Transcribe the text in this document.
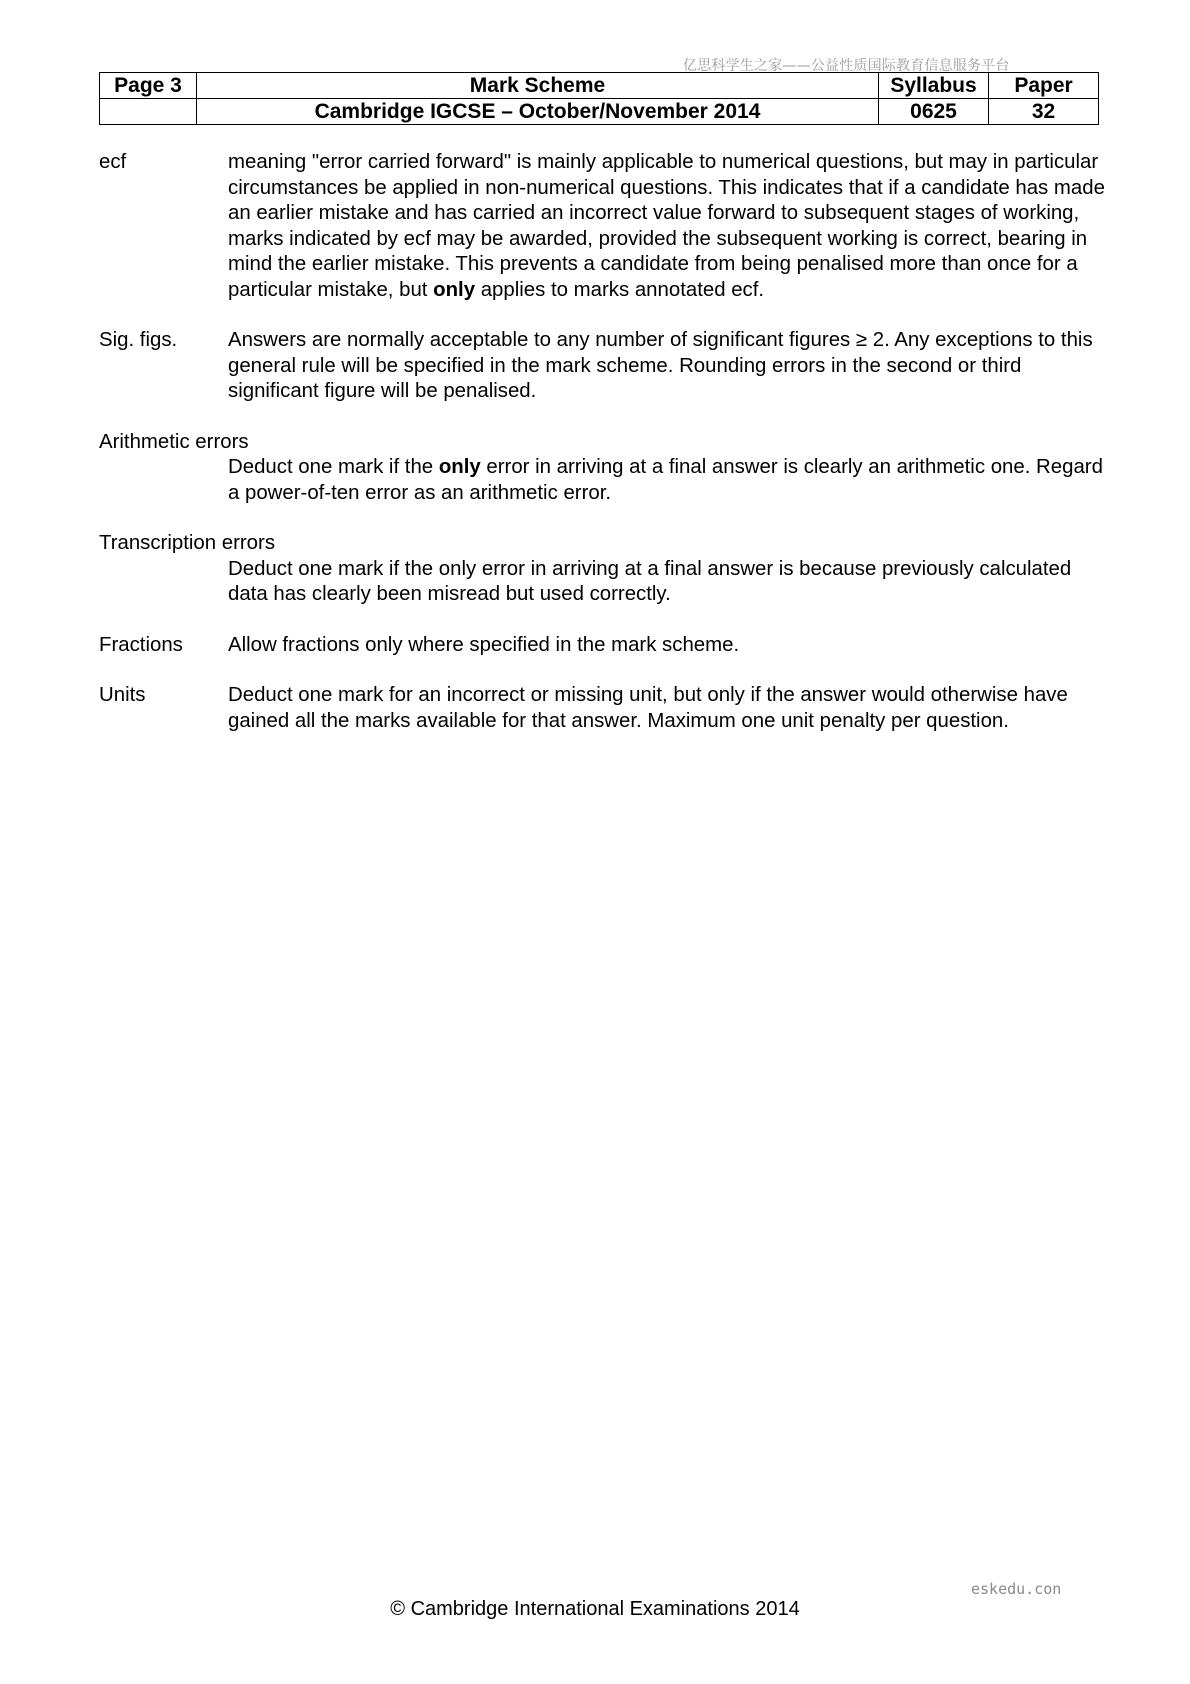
亿思科学生之家——公益性质国际教育信息服务平台
Page 3	Mark Scheme	Syllabus	Paper
	Cambridge IGCSE – October/November 2014	0625	32
ecf	meaning "error carried forward" is mainly applicable to numerical questions, but may in particular circumstances be applied in non-numerical questions. This indicates that if a candidate has made an earlier mistake and has carried an incorrect value forward to subsequent stages of working, marks indicated by ecf may be awarded, provided the subsequent working is correct, bearing in mind the earlier mistake. This prevents a candidate from being penalised more than once for a particular mistake, but only applies to marks annotated ecf.
Sig. figs.	Answers are normally acceptable to any number of significant figures ≥ 2. Any exceptions to this general rule will be specified in the mark scheme. Rounding errors in the second or third significant figure will be penalised.
Arithmetic errors
Deduct one mark if the only error in arriving at a final answer is clearly an arithmetic one. Regard a power-of-ten error as an arithmetic error.
Transcription errors
Deduct one mark if the only error in arriving at a final answer is because previously calculated data has clearly been misread but used correctly.
Fractions	Allow fractions only where specified in the mark scheme.
Units	Deduct one mark for an incorrect or missing unit, but only if the answer would otherwise have gained all the marks available for that answer. Maximum one unit penalty per question.
eskedu.con
© Cambridge International Examinations 2014
